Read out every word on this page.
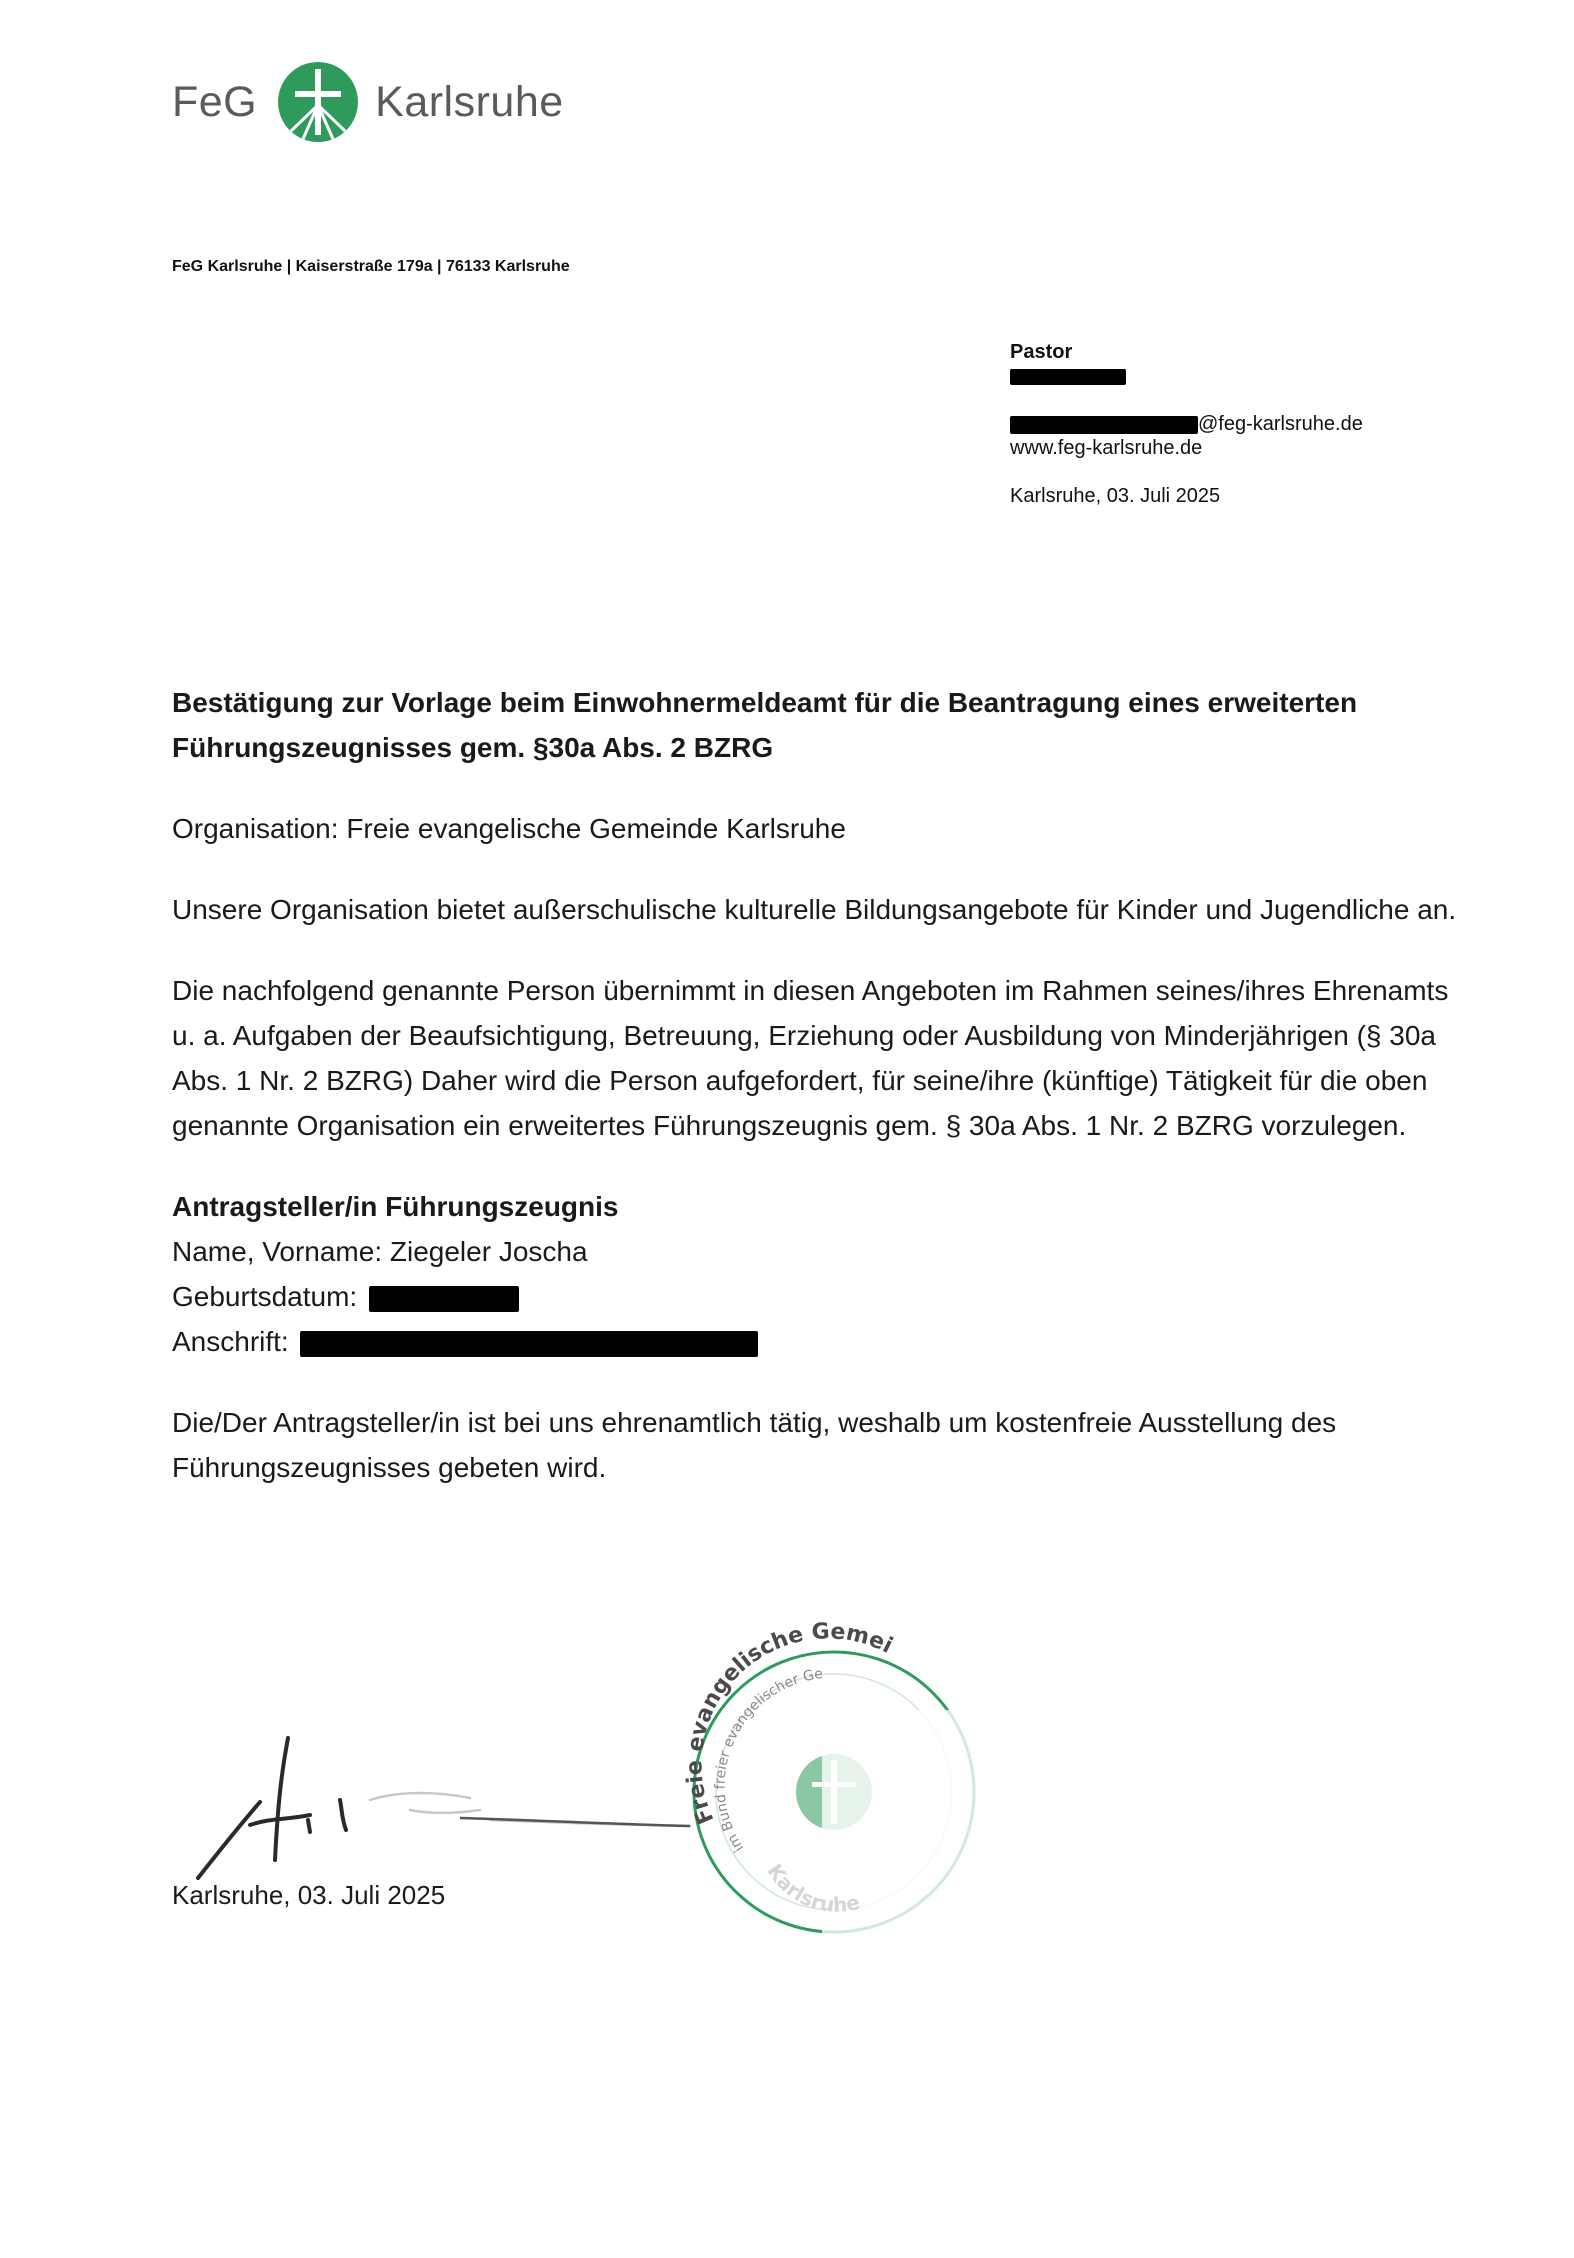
FeG	Karlsruhe
FeG Karlsruhe | Kaiserstraße 179a | 76133 Karlsruhe
Pastor
@feg-karlsruhe.de
www.feg-karlsruhe.de
Karlsruhe, 03. Juli 2025

Bestätigung zur Vorlage beim Einwohnermeldeamt für die Beantragung eines erweiterten Führungszeugnisses gem. §30a Abs. 2 BZRG

Organisation: Freie evangelische Gemeinde Karlsruhe

Unsere Organisation bietet außerschulische kulturelle Bildungsangebote für Kinder und Jugendliche an.

Die nachfolgend genannte Person übernimmt in diesen Angeboten im Rahmen seines/ihres Ehrenamts u. a. Aufgaben der Beaufsichtigung, Betreuung, Erziehung oder Ausbildung von Minderjährigen (§ 30a Abs. 1 Nr. 2 BZRG) Daher wird die Person aufgefordert, für seine/ihre (künftige) Tätigkeit für die oben genannte Organisation ein erweitertes Führungszeugnis gem. § 30a Abs. 1 Nr. 2 BZRG vorzulegen.

Antragsteller/in Führungszeugnis

Name, Vorname: Ziegeler Joscha

Geburtsdatum:

Anschrift:

Die/Der Antragsteller/in ist bei uns ehrenamtlich tätig, weshalb um kostenfreie Ausstellung des Führungszeugnisses gebeten wird.

Karlsruhe, 03. Juli 2025
Freie evangelische Gemei
im Bund freier evangelischer Ge
Karlsruhe
